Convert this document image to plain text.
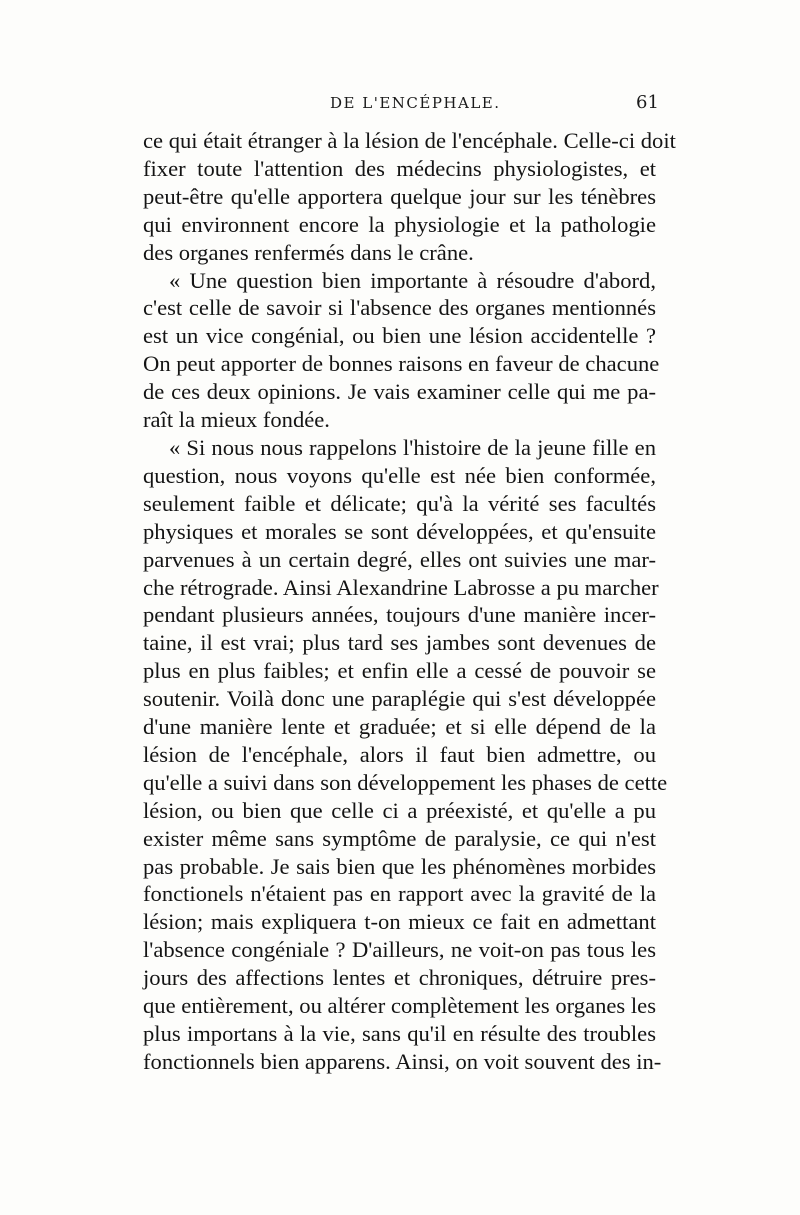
DE L'ENCÉPHALE.	61
ce qui était étranger à la lésion de l'encéphale. Celle-ci doit
fixer toute l'attention des médecins physiologistes, et
peut-être qu'elle apportera quelque jour sur les ténèbres
qui environnent encore la physiologie et la pathologie
des organes renfermés dans le crâne.
« Une question bien importante à résoudre d'abord,
c'est celle de savoir si l'absence des organes mentionnés
est un vice congénial, ou bien une lésion accidentelle ?
On peut apporter de bonnes raisons en faveur de chacune
de ces deux opinions. Je vais examiner celle qui me pa-
raît la mieux fondée.
« Si nous nous rappelons l'histoire de la jeune fille en
question, nous voyons qu'elle est née bien conformée,
seulement faible et délicate; qu'à la vérité ses facultés
physiques et morales se sont développées, et qu'ensuite
parvenues à un certain degré, elles ont suivies une mar-
che rétrograde. Ainsi Alexandrine Labrosse a pu marcher
pendant plusieurs années, toujours d'une manière incer-
taine, il est vrai; plus tard ses jambes sont devenues de
plus en plus faibles; et enfin elle a cessé de pouvoir se
soutenir. Voilà donc une paraplégie qui s'est développée
d'une manière lente et graduée; et si elle dépend de la
lésion de l'encéphale, alors il faut bien admettre, ou
qu'elle a suivi dans son développement les phases de cette
lésion, ou bien que celle ci a préexisté, et qu'elle a pu
exister même sans symptôme de paralysie, ce qui n'est
pas probable. Je sais bien que les phénomènes morbides
fonctionels n'étaient pas en rapport avec la gravité de la
lésion; mais expliquera t-on mieux ce fait en admettant
l'absence congéniale ? D'ailleurs, ne voit-on pas tous les
jours des affections lentes et chroniques, détruire pres-
que entièrement, ou altérer complètement les organes les
plus importans à la vie, sans qu'il en résulte des troubles
fonctionnels bien apparens. Ainsi, on voit souvent des in-
